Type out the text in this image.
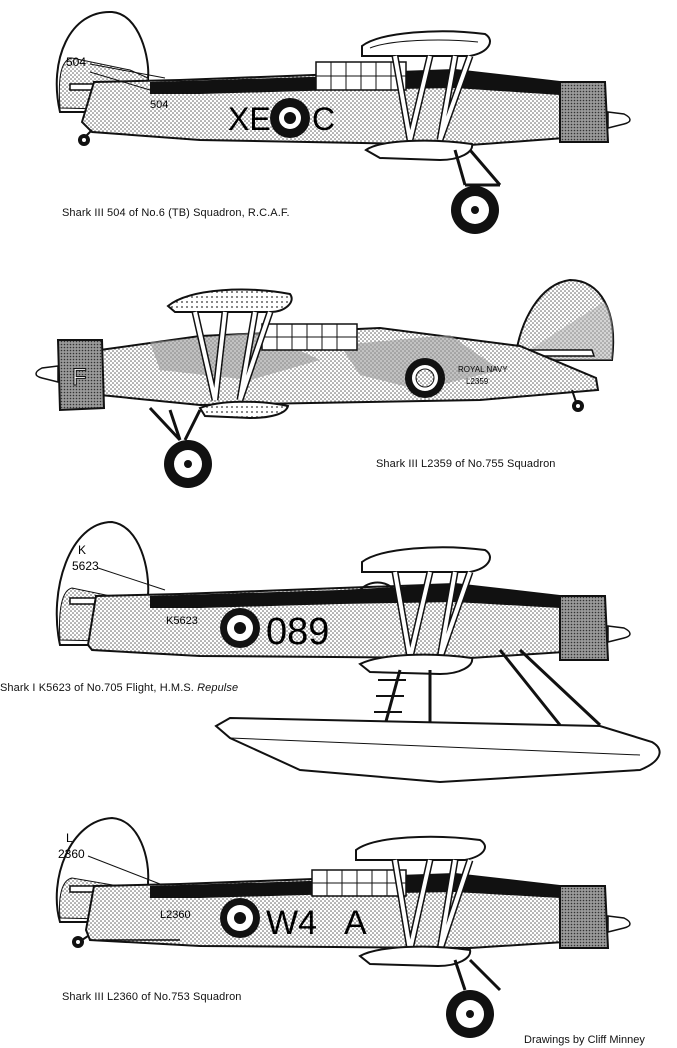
504
504 XE C
Shark III 504 of No.6 (TB) Squadron, R.C.A.F.
F	ROYAL NAVY
L2359
Shark III L2359 of No.755 Squadron
K
5623
K5623 089
Shark I K5623 of No.705 Flight, H.M.S. Repulse
L
2360
L2360 W4 A
Shark III L2360 of No.753 Squadron
Drawings by Cliff Minney
